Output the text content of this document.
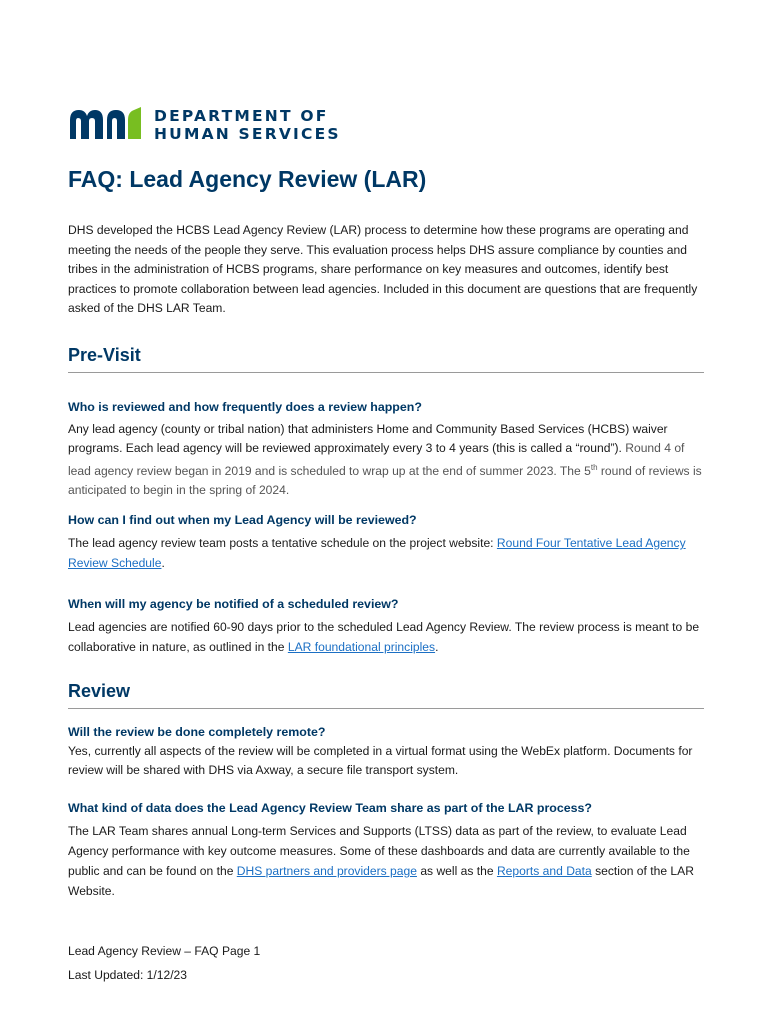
DEPARTMENT OF
HUMAN SERVICES
FAQ: Lead Agency Review (LAR)

DHS developed the HCBS Lead Agency Review (LAR) process to determine how these programs are operating and meeting the needs of the people they serve. This evaluation process helps DHS assure compliance by counties and tribes in the administration of HCBS programs, share performance on key measures and outcomes, identify best practices to promote collaboration between lead agencies. Included in this document are questions that are frequently asked of the DHS LAR Team.

Pre-Visit

Who is reviewed and how frequently does a review happen?

Any lead agency (county or tribal nation) that administers Home and Community Based Services (HCBS) waiver programs. Each lead agency will be reviewed approximately every 3 to 4 years (this is called a “round”). Round 4 of lead agency review began in 2019 and is scheduled to wrap up at the end of summer 2023. The 5th round of reviews is anticipated to begin in the spring of 2024.

How can I find out when my Lead Agency will be reviewed?

The lead agency review team posts a tentative schedule on the project website: Round Four Tentative Lead Agency Review Schedule.

When will my agency be notified of a scheduled review?

Lead agencies are notified 60-90 days prior to the scheduled Lead Agency Review. The review process is meant to be collaborative in nature, as outlined in the LAR foundational principles.

Review

Will the review be done completely remote?

Yes, currently all aspects of the review will be completed in a virtual format using the WebEx platform. Documents for review will be shared with DHS via Axway, a secure file transport system.

What kind of data does the Lead Agency Review Team share as part of the LAR process?

The LAR Team shares annual Long-term Services and Supports (LTSS) data as part of the review, to evaluate Lead Agency performance with key outcome measures. Some of these dashboards and data are currently available to the public and can be found on the DHS partners and providers page as well as the Reports and Data section of the LAR Website.

Lead Agency Review – FAQ Page 1

Last Updated: 1/12/23
